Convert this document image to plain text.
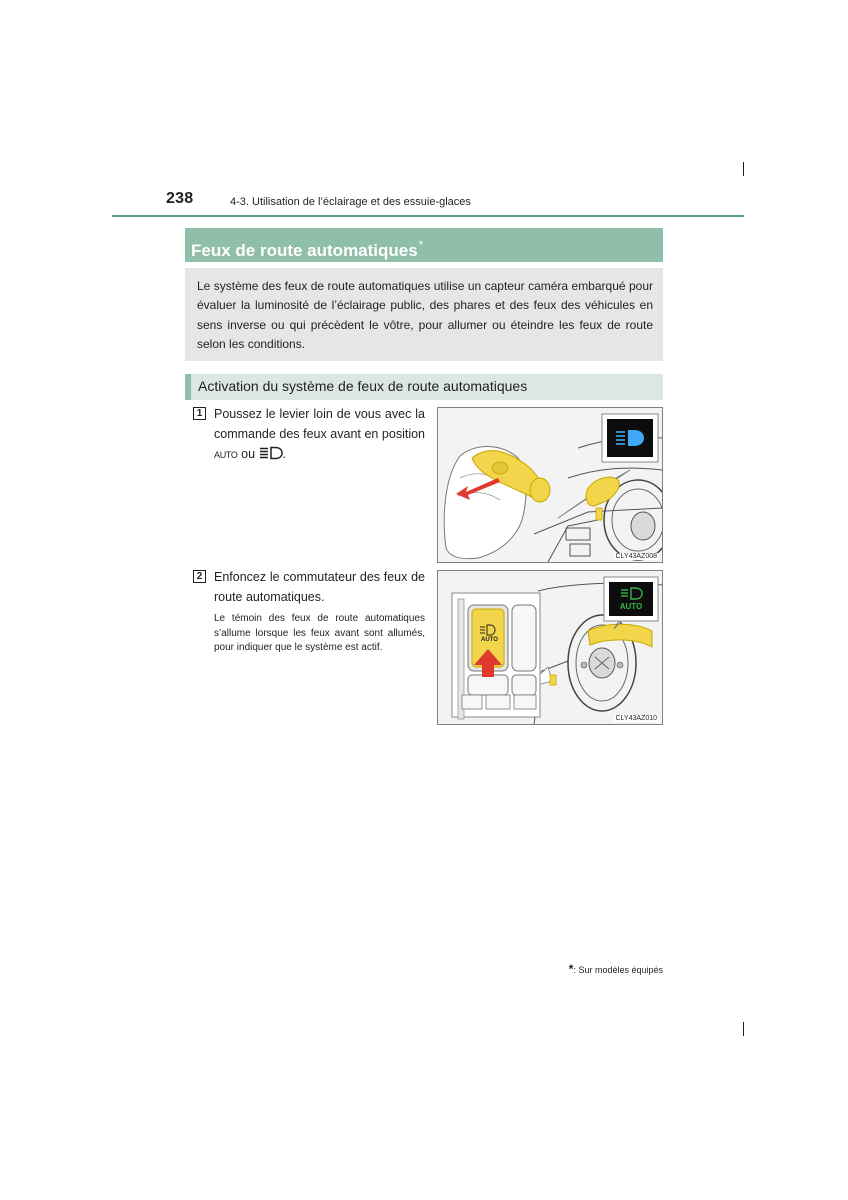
238	4-3. Utilisation de l’éclairage et des essuie-glaces
Feux de route automatiques*
Le système des feux de route automatiques utilise un capteur caméra embarqué pour évaluer la luminosité de l’éclairage public, des phares et des feux des véhicules en sens inverse ou qui précèdent le vôtre, pour allumer ou éteindre les feux de route selon les conditions.
Activation du système de feux de route automatiques
1 Poussez le levier loin de vous avec la commande des feux avant en position AUTO ou .
CLY43AZ008
2 Enfoncez le commutateur des feux de route automatiques.
Le témoin des feux de route automatiques s’allume lorsque les feux avant sont allumés, pour indiquer que le système est actif.
AUTO
AUTO
CLY43AZ010
*: Sur modèles équipés
